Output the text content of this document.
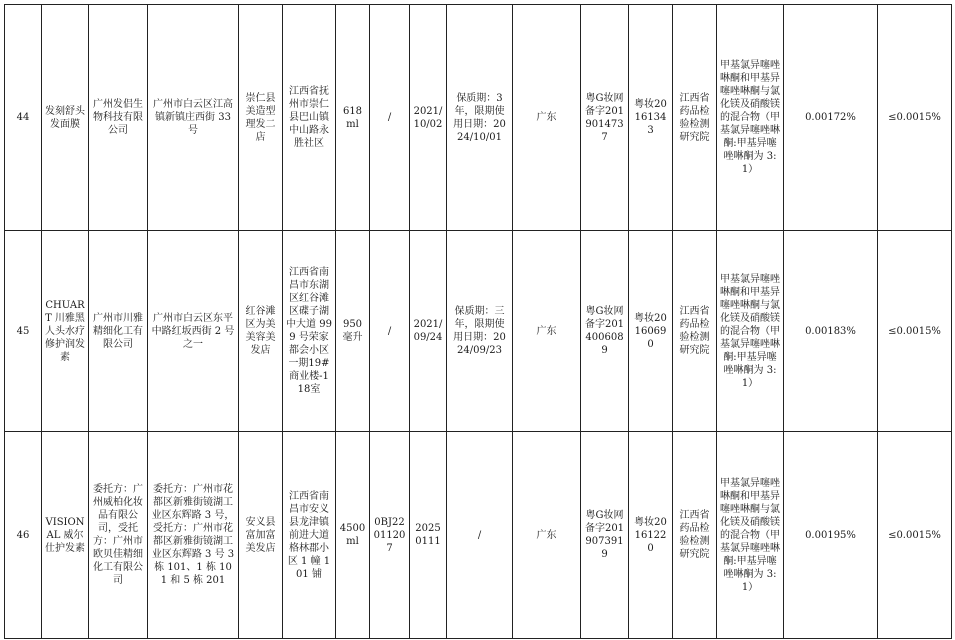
44	发刻舒头发面膜	广州发侣生物科技有限公司	广州市白云区江高镇新镇庄西街 33 号	崇仁县美造型理发二店	江西省抚州市崇仁县巴山镇中山路永胜社区	618ml	/	2021/10/02	保质期：3年，限期使用日期：2024/10/01	广东	粤G妆网备字2019014737	粤妆20161343	江西省药品检验检测研究院	甲基氯异噻唑啉酮和甲基异噻唑啉酮与氯化镁及硝酸镁的混合物（甲基氯异噻唑啉酮:甲基异噻唑啉酮为 3:1）	0.00172%	≤0.0015%
45	CHUART 川雅黑人头水疗修护润发素	广州市川雅精细化工有限公司	广州市白云区东平中路红坂西街 2 号之一	红谷滩区为美美容美发店	江西省南昌市东湖区红谷滩区碟子湖中大道 999 号荣家都会小区一期19#商业楼-118室	950毫升	/	2021/09/24	保质期：三年，限期使用日期：2024/09/23	广东	粤G妆网备字2014006089	粤妆20160690	江西省药品检验检测研究院	甲基氯异噻唑啉酮和甲基异噻唑啉酮与氯化镁及硝酸镁的混合物（甲基氯异噻唑啉酮:甲基异噻唑啉酮为 3:1）	0.00183%	≤0.0015%
46	VISIONAL 威尔仕护发素	委托方：广州威柏化妆品有限公司，受托方：广州市欧贝佳精细化工有限公司	委托方：广州市花都区新雅街镜湖工业区东辉路 3 号，受托方：广州市花都区新雅街镜湖工业区东辉路 3 号 3 栋 101、1 栋 101 和 5 栋 201	安义县富加富美发店	江西省南昌市安义县龙津镇前进大道格林郡小区 1 幢 101 铺	4500ml	0BJ22011207	20250111	/	广东	粤G妆网备字2019073919	粤妆20161220	江西省药品检验检测研究院	甲基氯异噻唑啉酮和甲基异噻唑啉酮与氯化镁及硝酸镁的混合物（甲基氯异噻唑啉酮:甲基异噻唑啉酮为 3:1）	0.00195%	≤0.0015%
